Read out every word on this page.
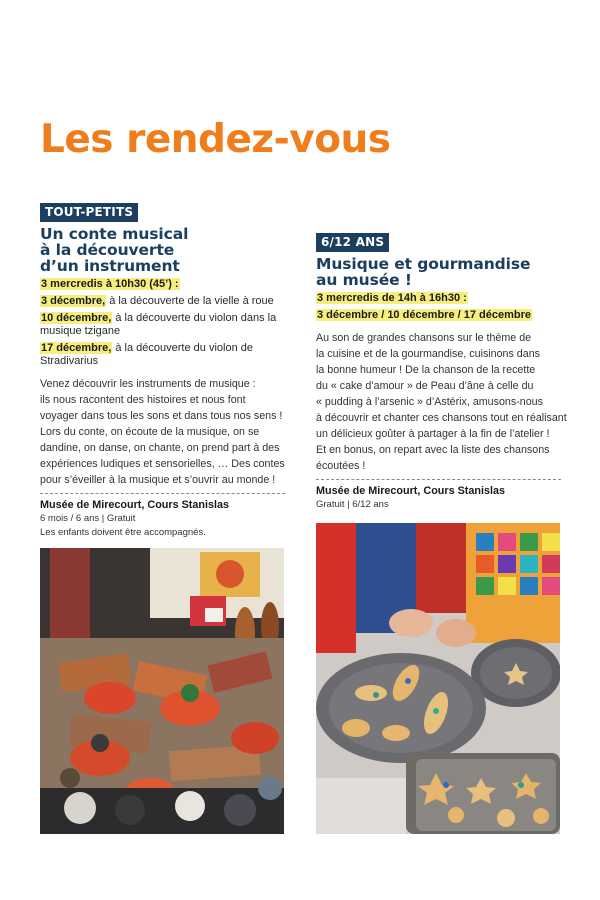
Les rendez-vous
TOUT-PETITS
Un conte musical
à la découverte
d’un instrument

3 mercredis à 10h30 (45’) :

3 décembre, à la découverte de la vielle à roue

10 décembre, à la découverte du violon dans la musique tzigane

17 décembre, à la découverte du violon de Stradivarius

Venez découvrir les instruments de musique :
ils nous racontent des histoires et nous font
voyager dans tous les sons et dans tous nos sens !
Lors du conte, on écoute de la musique, on se
dandine, on danse, on chante, on prend part à des
expériences ludiques et sensorielles, … Des contes
pour s’éveiller à la musique et s’ouvrir au monde !

Musée de Mirecourt, Cours Stanislas

6 mois / 6 ans | Gratuit

Les enfants doivent être accompagnés.

6/12 ANS
Musique et gourmandise
au musée !

3 mercredis de 14h à 16h30 :

3 décembre / 10 décembre / 17 décembre

Au son de grandes chansons sur le thème de
la cuisine et de la gourmandise, cuisinons dans
la bonne humeur ! De la chanson de la recette
du « cake d’amour » de Peau d’âne à celle du
« pudding à l’arsenic » d’Astérix, amusons-nous
à découvrir et chanter ces chansons tout en réalisant
un délicieux goûter à partager à la fin de l’atelier !
Et en bonus, on repart avec la liste des chansons
écoutées !

Musée de Mirecourt, Cours Stanislas

Gratuit | 6/12 ans
